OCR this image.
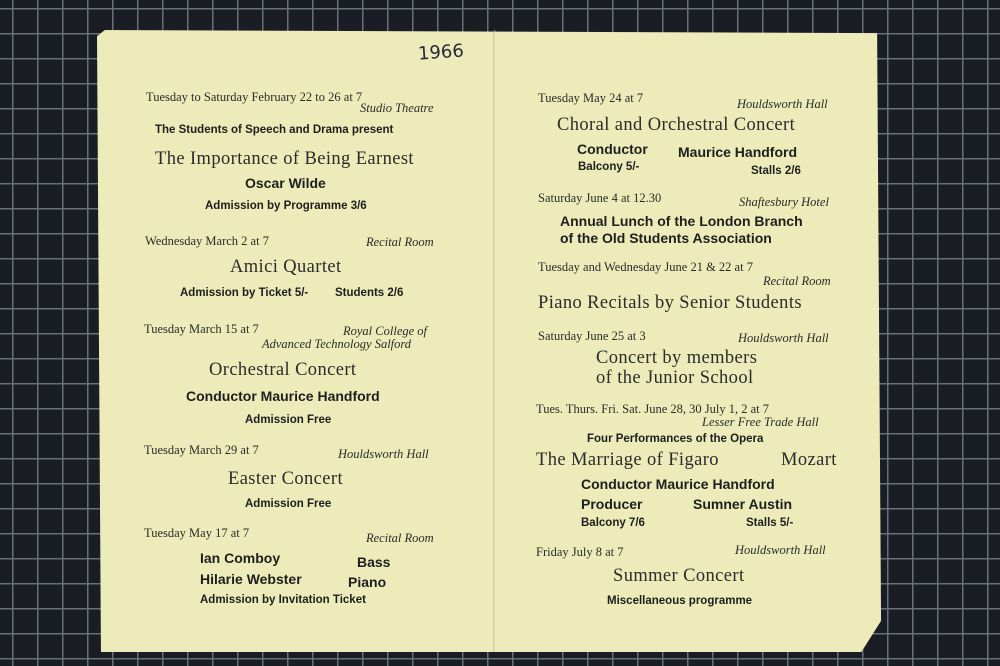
1966
Tuesday to Saturday February 22 to 26 at 7
Studio Theatre
The Students of Speech and Drama present
The Importance of Being Earnest
Oscar Wilde
Admission by Programme 3/6
Wednesday March 2 at 7	Recital Room
Amici Quartet
Admission by Ticket 5/- Students 2/6
Tuesday March 15 at 7	Royal College of
Advanced Technology Salford
Orchestral Concert
Conductor Maurice Handford
Admission Free
Tuesday March 29 at 7	Houldsworth Hall
Easter Concert
Admission Free
Tuesday May 17 at 7	Recital Room
Ian Comboy	Bass
Hilarie Webster	Piano
Admission by Invitation Ticket
Tuesday May 24 at 7	Houldsworth Hall
Choral and Orchestral Concert
Conductor Maurice Handford
Balcony 5/-	Stalls 2/6
Saturday June 4 at 12.30	Shaftesbury Hotel
Annual Lunch of the London Branch
of the Old Students Association
Tuesday and Wednesday June 21 & 22 at 7
Recital Room
Piano Recitals by Senior Students
Saturday June 25 at 3	Houldsworth Hall
Concert by members
of the Junior School
Tues. Thurs. Fri. Sat. June 28, 30 July 1, 2 at 7
Lesser Free Trade Hall
Four Performances of the Opera
The Marriage of Figaro	Mozart
Conductor Maurice Handford
Producer	Sumner Austin
Balcony 7/6	Stalls 5/-
Friday July 8 at 7	Houldsworth Hall
Summer Concert
Miscellaneous programme
